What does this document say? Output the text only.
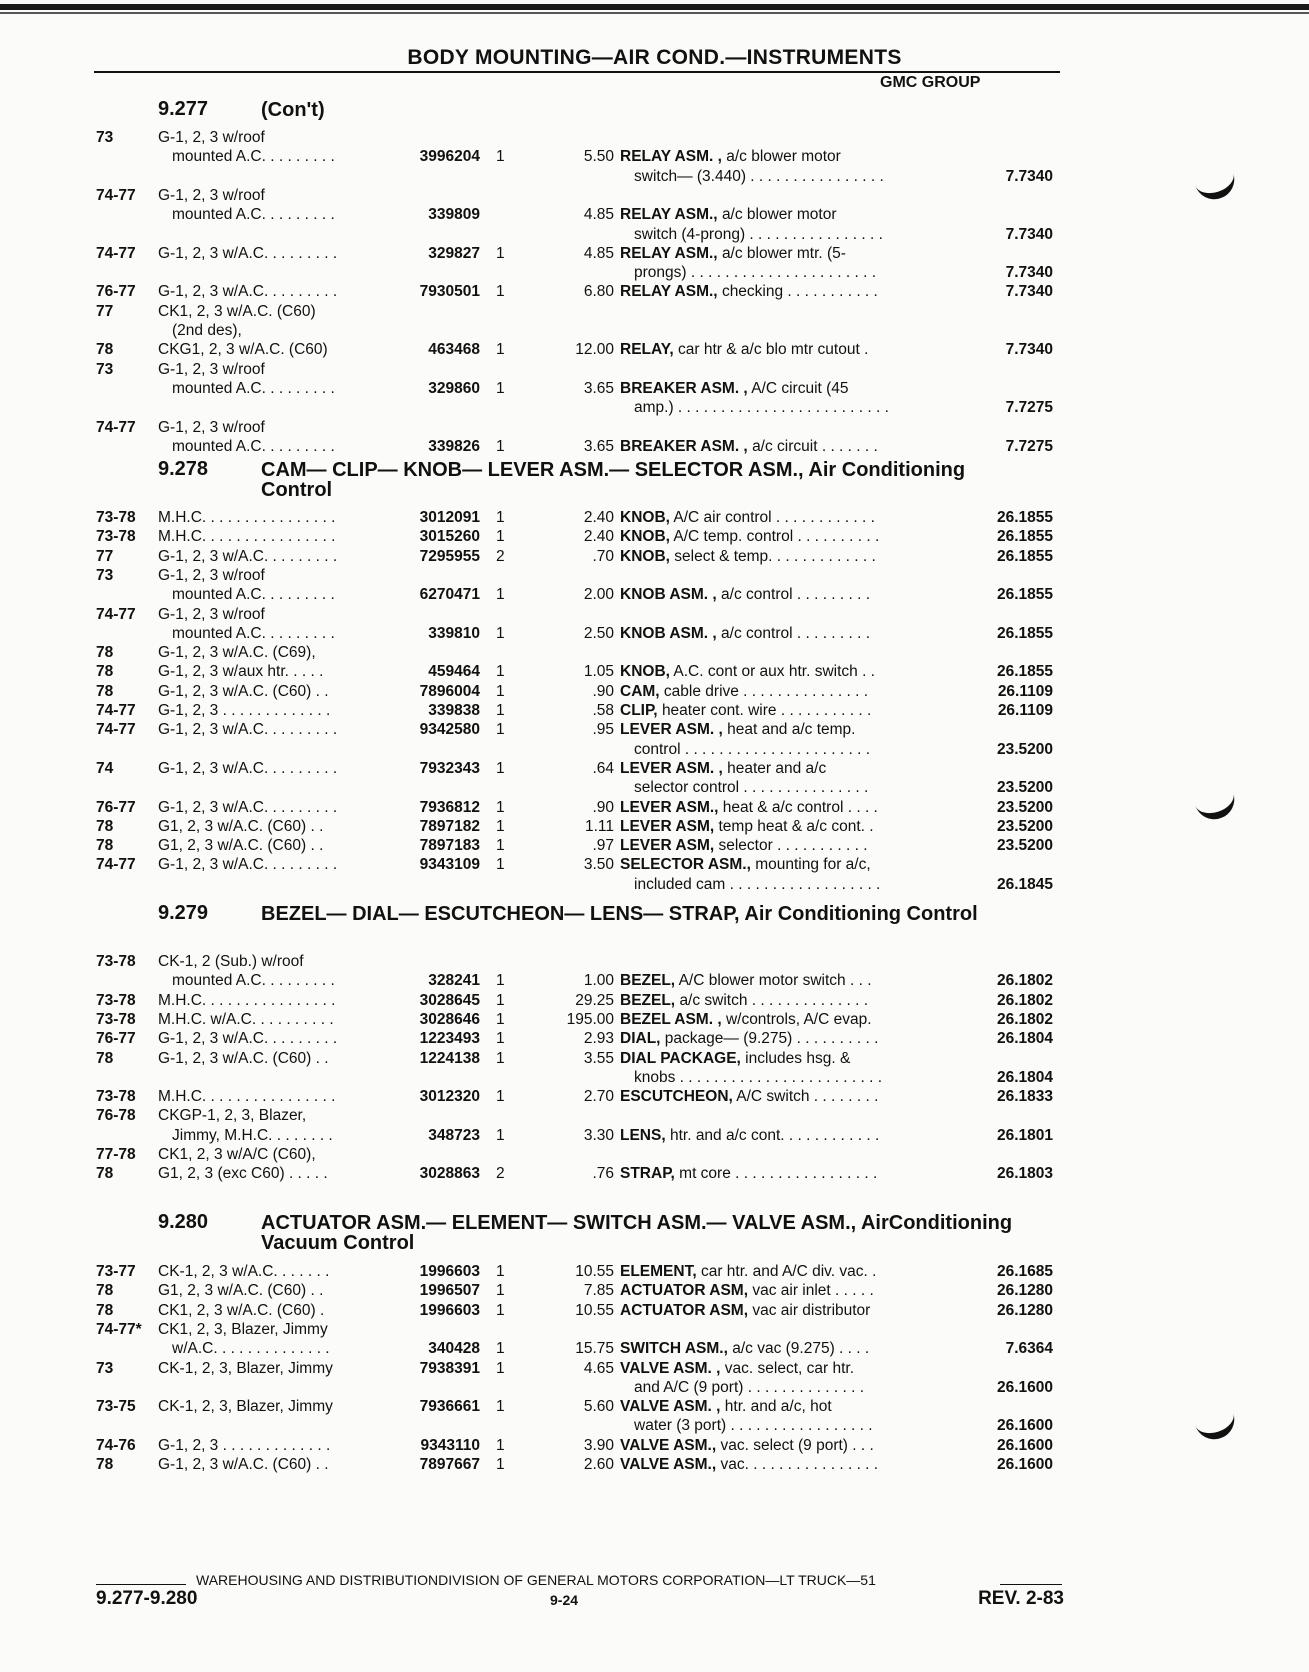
BODY MOUNTING—AIR COND.—INSTRUMENTS
GMC GROUP
9.277	(Con't)
73	G-1, 2, 3 w/roof
mounted A.C. . . . . . . . .	3996204 1	5.50 RELAY ASM. , a/c blower motor
switch— (3.440) . . . . . . . . . . . . . . . .	7.7340
74-77 G-1, 2, 3 w/roof
mounted A.C. . . . . . . . .	339809	4.85 RELAY ASM., a/c blower motor
switch (4-prong) . . . . . . . . . . . . . . . .	7.7340
74-77 G-1, 2, 3 w/A.C. . . . . . . . .	329827 1	4.85 RELAY ASM., a/c blower mtr. (5-
prongs) . . . . . . . . . . . . . . . . . . . . . .	7.7340
76-77 G-1, 2, 3 w/A.C. . . . . . . . .	7930501 1	6.80 RELAY ASM., checking . . . . . . . . . . .	7.7340
77	CK1, 2, 3 w/A.C. (C60)
(2nd des),
78	CKG1, 2, 3 w/A.C. (C60)	463468 1	12.00 RELAY, car htr & a/c blo mtr cutout .	7.7340
73	G-1, 2, 3 w/roof
mounted A.C. . . . . . . . .	329860 1	3.65 BREAKER ASM. , A/C circuit (45
amp.) . . . . . . . . . . . . . . . . . . . . . . . . .	7.7275
74-77 G-1, 2, 3 w/roof
mounted A.C. . . . . . . . .	339826 1	3.65 BREAKER ASM. , a/c circuit . . . . . . .	7.7275
9.278	CAM— CLIP— KNOB— LEVER ASM.— SELECTOR ASM., Air Conditioning Control
73-78 M.H.C. . . . . . . . . . . . . . . .	3012091 1	2.40 KNOB, A/C air control . . . . . . . . . . . .	26.1855
73-78 M.H.C. . . . . . . . . . . . . . . .	3015260 1	2.40 KNOB, A/C temp. control . . . . . . . . . .	26.1855
77	G-1, 2, 3 w/A.C. . . . . . . . .	7295955 2	.70 KNOB, select & temp. . . . . . . . . . . . .	26.1855
73	G-1, 2, 3 w/roof
mounted A.C. . . . . . . . .	6270471 1	2.00 KNOB ASM. , a/c control . . . . . . . . .	26.1855
74-77 G-1, 2, 3 w/roof
mounted A.C. . . . . . . . .	339810 1	2.50 KNOB ASM. , a/c control . . . . . . . . .	26.1855
78	G-1, 2, 3 w/A.C. (C69),
78	G-1, 2, 3 w/aux htr. . . . .	459464 1	1.05 KNOB, A.C. cont or aux htr. switch . .	26.1855
78	G-1, 2, 3 w/A.C. (C60) . .	7896004 1	.90 CAM, cable drive . . . . . . . . . . . . . . .	26.1109
74-77 G-1, 2, 3 . . . . . . . . . . . . .	339838 1	.58 CLIP, heater cont. wire . . . . . . . . . . .	26.1109
74-77 G-1, 2, 3 w/A.C. . . . . . . . .	9342580 1	.95 LEVER ASM. , heat and a/c temp.
control . . . . . . . . . . . . . . . . . . . . . .	23.5200
74	G-1, 2, 3 w/A.C. . . . . . . . .	7932343 1	.64 LEVER ASM. , heater and a/c
selector control . . . . . . . . . . . . . . .	23.5200
76-77 G-1, 2, 3 w/A.C. . . . . . . . .	7936812 1	.90 LEVER ASM., heat & a/c control . . . .	23.5200
78	G1, 2, 3 w/A.C. (C60) . .	7897182 1	1.11 LEVER ASM, temp heat & a/c cont. .	23.5200
78	G1, 2, 3 w/A.C. (C60) . .	7897183 1	.97 LEVER ASM, selector . . . . . . . . . . .	23.5200
74-77 G-1, 2, 3 w/A.C. . . . . . . . .	9343109 1	3.50 SELECTOR ASM., mounting for a/c,
included cam . . . . . . . . . . . . . . . . . .	26.1845
9.279	BEZEL— DIAL— ESCUTCHEON— LENS— STRAP, Air Conditioning Control
73-78 CK-1, 2 (Sub.) w/roof
mounted A.C. . . . . . . . .	328241 1	1.00 BEZEL, A/C blower motor switch . . .	26.1802
73-78 M.H.C. . . . . . . . . . . . . . . .	3028645 1	29.25 BEZEL, a/c switch . . . . . . . . . . . . . .	26.1802
73-78 M.H.C. w/A.C. . . . . . . . . .	3028646 1	195.00 BEZEL ASM. , w/controls, A/C evap.	26.1802
76-77 G-1, 2, 3 w/A.C. . . . . . . . .	1223493 1	2.93 DIAL, package— (9.275) . . . . . . . . . .	26.1804
78	G-1, 2, 3 w/A.C. (C60) . .	1224138 1	3.55 DIAL PACKAGE, includes hsg. &
knobs . . . . . . . . . . . . . . . . . . . . . . . .	26.1804
73-78 M.H.C. . . . . . . . . . . . . . . .	3012320 1	2.70 ESCUTCHEON, A/C switch . . . . . . . .	26.1833
76-78 CKGP-1, 2, 3, Blazer,
Jimmy, M.H.C. . . . . . . .	348723 1	3.30 LENS, htr. and a/c cont. . . . . . . . . . . .	26.1801
77-78 CK1, 2, 3 w/A/C (C60),
78	G1, 2, 3 (exc C60) . . . . .	3028863 2	.76 STRAP, mt core . . . . . . . . . . . . . . . . .	26.1803
9.280	ACTUATOR ASM.— ELEMENT— SWITCH ASM.— VALVE ASM., AirConditioning Vacuum Control
73-77 CK-1, 2, 3 w/A.C. . . . . . .	1996603 1	10.55 ELEMENT, car htr. and A/C div. vac. .	26.1685
78	G1, 2, 3 w/A.C. (C60) . .	1996507 1	7.85 ACTUATOR ASM, vac air inlet . . . . .	26.1280
78	CK1, 2, 3 w/A.C. (C60) .	1996603 1	10.55 ACTUATOR ASM, vac air distributor	26.1280
74-77* CK1, 2, 3, Blazer, Jimmy
w/A.C. . . . . . . . . . . . . .	340428 1	15.75 SWITCH ASM., a/c vac (9.275) . . . .	7.6364
73	CK-1, 2, 3, Blazer, Jimmy	7938391 1	4.65 VALVE ASM. , vac. select, car htr.
and A/C (9 port) . . . . . . . . . . . . . .	26.1600
73-75 CK-1, 2, 3, Blazer, Jimmy	7936661 1	5.60 VALVE ASM. , htr. and a/c, hot
water (3 port) . . . . . . . . . . . . . . . . .	26.1600
74-76 G-1, 2, 3 . . . . . . . . . . . . .	9343110 1	3.90 VALVE ASM., vac. select (9 port) . . .	26.1600
78	G-1, 2, 3 w/A.C. (C60) . .	7897667 1	2.60 VALVE ASM., vac. . . . . . . . . . . . . . . .	26.1600
WAREHOUSING AND DISTRIBUTIONDIVISION OF GENERAL MOTORS CORPORATION—LT TRUCK—51
9.277-9.280	9-24	REV. 2-83
